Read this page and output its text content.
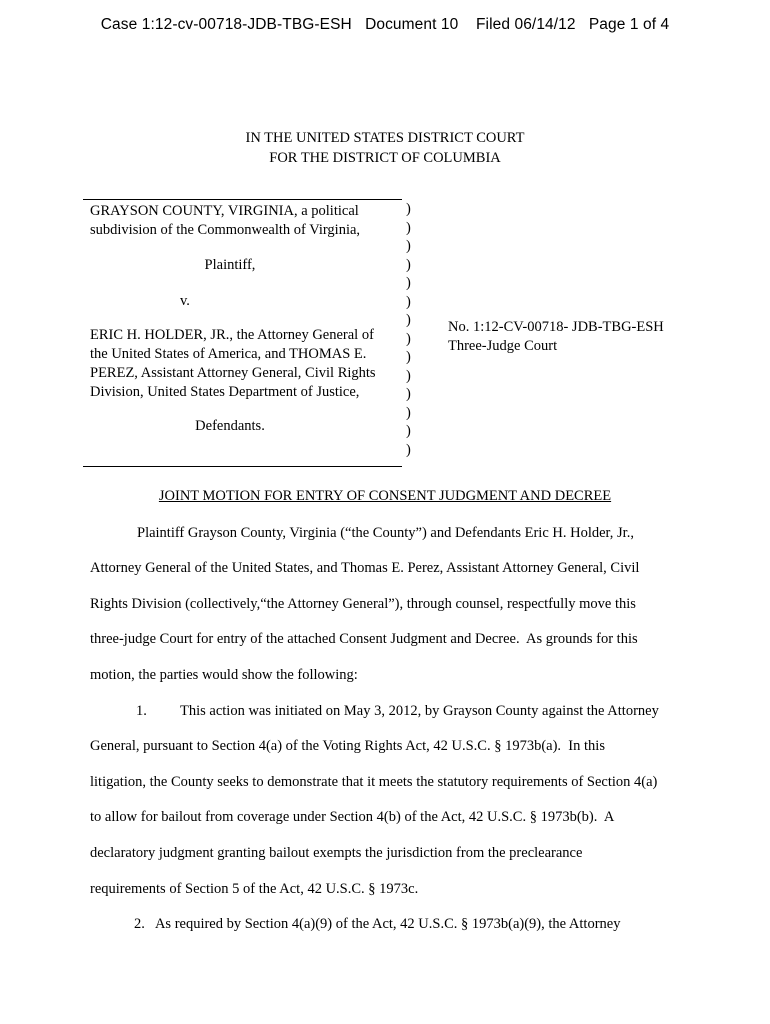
Case 1:12-cv-00718-JDB-TBG-ESH   Document 10    Filed 06/14/12   Page 1 of 4
IN THE UNITED STATES DISTRICT COURT
FOR THE DISTRICT OF COLUMBIA
GRAYSON COUNTY, VIRGINIA, a political
subdivision of the Commonwealth of Virginia,
Plaintiff,
v.
ERIC H. HOLDER, JR., the Attorney General of
the United States of America, and THOMAS E.
PEREZ, Assistant Attorney General, Civil Rights
Division, United States Department of Justice,
Defendants.
)
)
)
)
)
)
)
)
)
)
)
)
)
)
No. 1:12-CV-00718- JDB-TBG-ESH
Three-Judge Court
JOINT MOTION FOR ENTRY OF CONSENT JUDGMENT AND DECREE
Plaintiff Grayson County, Virginia (“the County”) and Defendants Eric H. Holder, Jr.,
Attorney General of the United States, and Thomas E. Perez, Assistant Attorney General, Civil
Rights Division (collectively,“the Attorney General”), through counsel, respectfully move this
three-judge Court for entry of the attached Consent Judgment and Decree.  As grounds for this
motion, the parties would show the following:
1. This action was initiated on May 3, 2012, by Grayson County against the Attorney
General, pursuant to Section 4(a) of the Voting Rights Act, 42 U.S.C. § 1973b(a).  In this
litigation, the County seeks to demonstrate that it meets the statutory requirements of Section 4(a)
to allow for bailout from coverage under Section 4(b) of the Act, 42 U.S.C. § 1973b(b).  A
declaratory judgment granting bailout exempts the jurisdiction from the preclearance
requirements of Section 5 of the Act, 42 U.S.C. § 1973c.
2.   As required by Section 4(a)(9) of the Act, 42 U.S.C. § 1973b(a)(9), the Attorney
